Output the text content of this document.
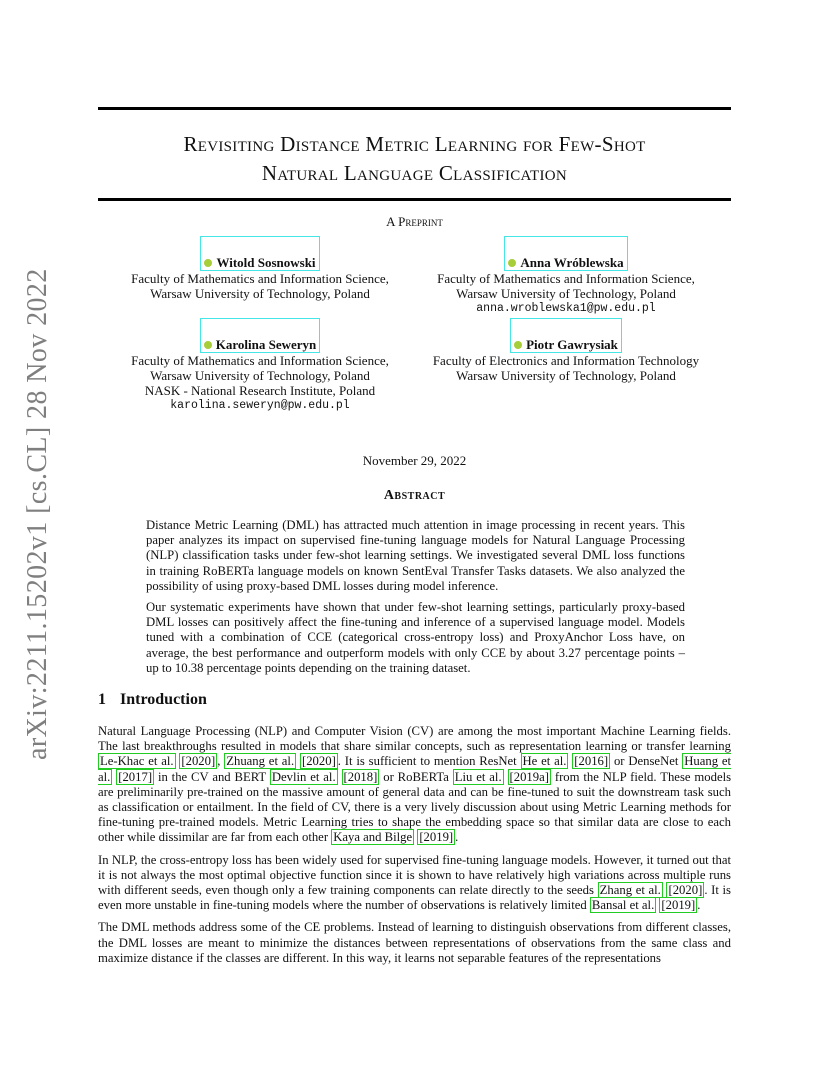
arXiv:2211.15202v1 [cs.CL] 28 Nov 2022
Revisiting Distance Metric Learning for Few-Shot
Natural Language Classification
A Preprint
Witold Sosnowski
Faculty of Mathematics and Information Science,
Warsaw University of Technology, Poland
Anna Wróblewska
Faculty of Mathematics and Information Science,
Warsaw University of Technology, Poland
anna.wroblewska1@pw.edu.pl
Karolina Seweryn
Faculty of Mathematics and Information Science,
Warsaw University of Technology, Poland
NASK - National Research Institute, Poland
karolina.seweryn@pw.edu.pl
Piotr Gawrysiak
Faculty of Electronics and Information Technology
Warsaw University of Technology, Poland
November 29, 2022
Abstract

Distance Metric Learning (DML) has attracted much attention in image processing in recent years. This paper analyzes its impact on supervised fine-tuning language models for Natural Language Processing (NLP) classification tasks under few-shot learning settings. We investigated several DML loss functions in training RoBERTa language models on known SentEval Transfer Tasks datasets. We also analyzed the possibility of using proxy-based DML losses during model inference.

Our systematic experiments have shown that under few-shot learning settings, particularly proxy-based DML losses can positively affect the fine-tuning and inference of a supervised language model. Models tuned with a combination of CCE (categorical cross-entropy loss) and ProxyAnchor Loss have, on average, the best performance and outperform models with only CCE by about 3.27 percentage points – up to 10.38 percentage points depending on the training dataset.

1 Introduction

Natural Language Processing (NLP) and Computer Vision (CV) are among the most important Machine Learning fields. The last breakthroughs resulted in models that share similar concepts, such as representation learning or transfer learning Le-Khac et al. [2020] , Zhuang et al. [2020] . It is sufficient to mention ResNet He et al. [2016] or DenseNet Huang et al. [2017] in the CV and BERT Devlin et al. [2018] or RoBERTa Liu et al. [2019a] from the NLP field. These models are preliminarily pre-trained on the massive amount of general data and can be fine-tuned to suit the downstream task such as classification or entailment. In the field of CV, there is a very lively discussion about using Metric Learning methods for fine-tuning pre-trained models. Metric Learning tries to shape the embedding space so that similar data are close to each other while dissimilar are far from each other Kaya and Bilge [2019] .

In NLP, the cross-entropy loss has been widely used for supervised fine-tuning language models. However, it turned out that it is not always the most optimal objective function since it is shown to have relatively high variations across multiple runs with different seeds, even though only a few training components can relate directly to the seeds Zhang et al. [2020] . It is even more unstable in fine-tuning models where the number of observations is relatively limited Bansal et al. [2019] .

The DML methods address some of the CE problems. Instead of learning to distinguish observations from different classes, the DML losses are meant to minimize the distances between representations of observations from the same class and maximize distance if the classes are different. In this way, it learns not separable features of the representations
